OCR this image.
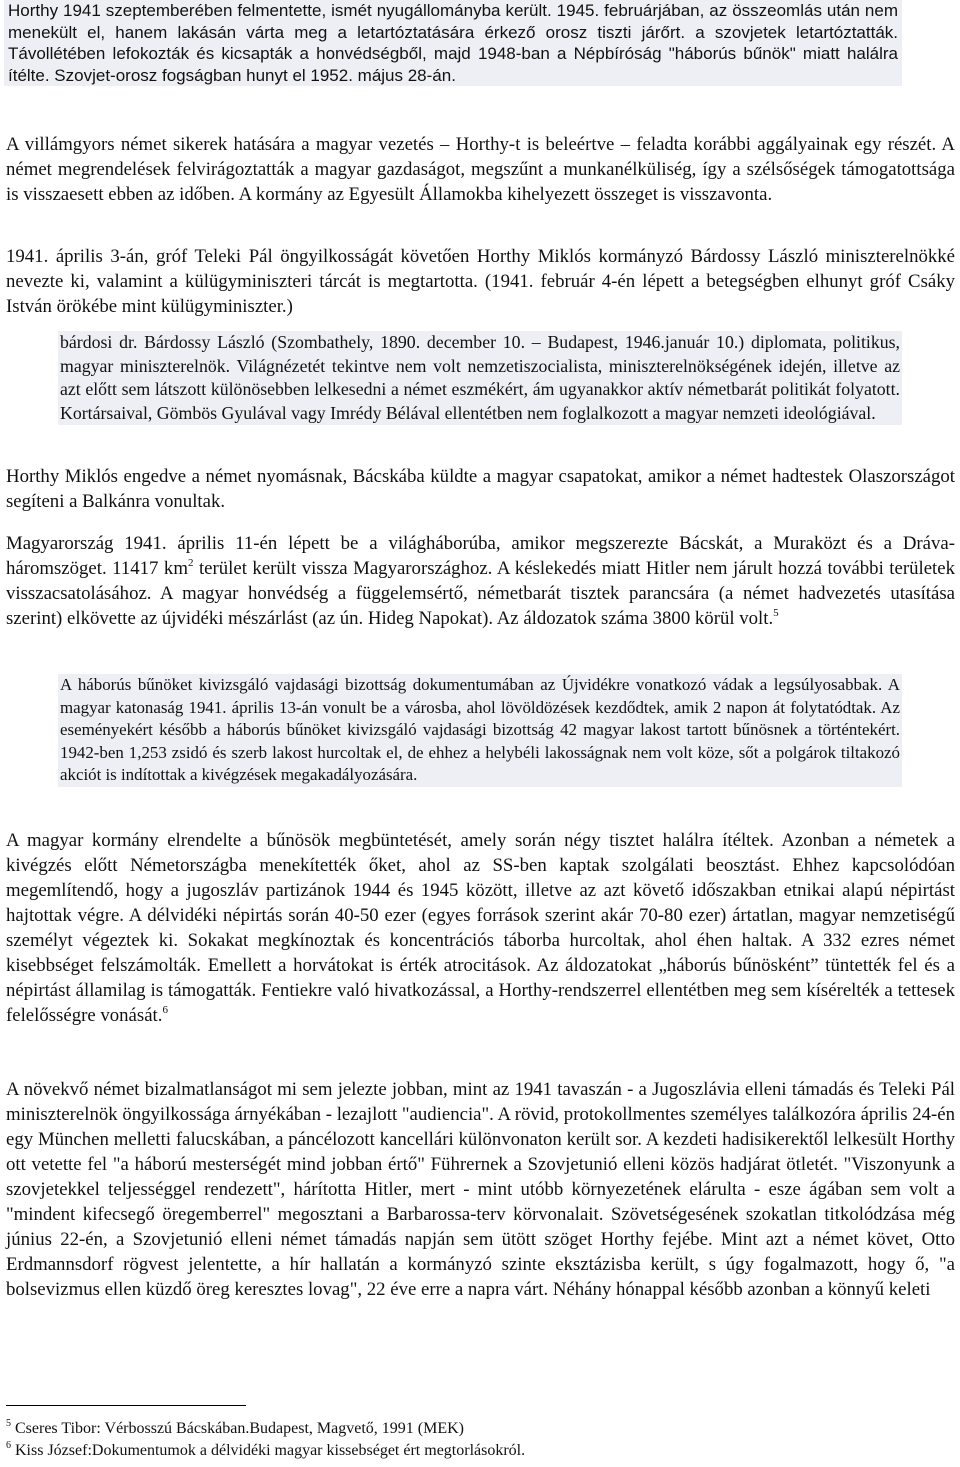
Horthy 1941 szeptemberében felmentette, ismét nyugállományba került. 1945. februárjában, az összeomlás után nem menekült el, hanem lakásán várta meg a letartóztatására érkező orosz tiszti járőrt. a szovjetek letartóztatták. Távollétében lefokozták és kicsapták a honvédségből, majd 1948-ban a Népbíróság "háborús bűnök" miatt halálra ítélte. Szovjet-orosz fogságban hunyt el 1952. május 28-án.

A villámgyors német sikerek hatására a magyar vezetés – Horthy-t is beleértve – feladta korábbi aggályainak egy részét. A német megrendelések felvirágoztatták a magyar gazdaságot, megszűnt a munkanélküliség, így a szélsőségek támogatottsága is visszaesett ebben az időben. A kormány az Egyesült Államokba kihelyezett összeget is visszavonta.

1941. április 3-án, gróf Teleki Pál öngyilkosságát követően Horthy Miklós kormányzó Bárdossy László miniszterelnökké nevezte ki, valamint a külügyminiszteri tárcát is megtartotta. (1941. február 4-én lépett a betegségben elhunyt gróf Csáky István örökébe mint külügyminiszter.)

bárdosi dr. Bárdossy László (Szombathely, 1890. december 10. – Budapest, 1946.január 10.) diplomata, politikus, magyar miniszterelnök. Világnézetét tekintve nem volt nemzetiszocialista, miniszterelnökségének idején, illetve az azt előtt sem látszott különösebben lelkesedni a német eszmékért, ám ugyanakkor aktív németbarát politikát folyatott. Kortársaival, Gömbös Gyulával vagy Imrédy Bélával ellentétben nem foglalkozott a magyar nemzeti ideológiával.

Horthy Miklós engedve a német nyomásnak, Bácskába küldte a magyar csapatokat, amikor a német hadtestek Olaszországot segíteni a Balkánra vonultak.

Magyarország 1941. április 11-én lépett be a világháborúba, amikor megszerezte Bácskát, a Muraközt és a Dráva-háromszöget. 11417 $km^2$ terület került vissza Magyarországhoz. A késlekedés miatt Hitler nem járult hozzá további területek visszacsatolásához. A magyar honvédség a függelemsértő, németbarát tisztek parancsára (a német hadvezetés utasítása szerint) elkövette az újvidéki mészárlást (az ún. Hideg Napokat). Az áldozatok száma 3800 körül volt.$^5$

A háborús bűnöket kivizsgáló vajdasági bizottság dokumentumában az Újvidékre vonatkozó vádak a legsúlyosabbak. A magyar katonaság 1941. április 13-án vonult be a városba, ahol lövöldözések kezdődtek, amik 2 napon át folytatódtak. Az eseményekért később a háborús bűnöket kivizsgáló vajdasági bizottság 42 magyar lakost tartott bűnösnek a történtekért. 1942-ben 1,253 zsidó és szerb lakost hurcoltak el, de ehhez a helybéli lakosságnak nem volt köze, sőt a polgárok tiltakozó akciót is indítottak a kivégzések megakadályozására.

A magyar kormány elrendelte a bűnösök megbüntetését, amely során négy tisztet halálra ítéltek. Azonban a németek a kivégzés előtt Németországba menekítették őket, ahol az SS-ben kaptak szolgálati beosztást. Ehhez kapcsolódóan megemlítendő, hogy a jugoszláv partizánok 1944 és 1945 között, illetve az azt követő időszakban etnikai alapú népirtást hajtottak végre. A délvidéki népirtás során 40-50 ezer (egyes források szerint akár 70-80 ezer) ártatlan, magyar nemzetiségű személyt végeztek ki. Sokakat megkínoztak és koncentrációs táborba hurcoltak, ahol éhen haltak. A 332 ezres német kisebbséget felszámolták. Emellett a horvátokat is érték atrocitások. Az áldozatokat „háborús bűnösként” tüntették fel és a népirtást államilag is támogatták. Fentiekre való hivatkozással, a Horthy-rendszerrel ellentétben meg sem kísérelték a tettesek felelősségre vonását.$^6$

A növekvő német bizalmatlanságot mi sem jelezte jobban, mint az 1941 tavaszán - a Jugoszlávia elleni támadás és Teleki Pál miniszterelnök öngyilkossága árnyékában - lezajlott "audiencia". A rövid, protokollmentes személyes találkozóra április 24-én egy München melletti falucskában, a páncélozott kancellári különvonaton került sor. A kezdeti hadisikerektől lelkesült Horthy ott vetette fel "a háború mesterségét mind jobban értő" Führernek a Szovjetunió elleni közös hadjárat ötletét. "Viszonyunk a szovjetekkel teljességgel rendezett", hárította Hitler, mert - mint utóbb környezetének elárulta - esze ágában sem volt a "mindent kifecsegő öregemberrel" megosztani a Barbarossa-terv körvonalait. Szövetségesének szokatlan titkolódzása még június 22-én, a Szovjetunió elleni német támadás napján sem ütött szöget Horthy fejébe. Mint azt a német követ, Otto Erdmannsdorf rögvest jelentette, a hír hallatán a kormányzó szinte eksztázisba került, s úgy fogalmazott, hogy ő, "a bolsevizmus ellen küzdő öreg keresztes lovag", 22 éve erre a napra várt. Néhány hónappal később azonban a könnyű keleti

$^5$ Cseres Tibor: Vérbosszú Bácskában.Budapest, Magvető, 1991 (MEK)

$^6$ Kiss József:Dokumentumok a délvidéki magyar kissebséget ért megtorlásokról.
